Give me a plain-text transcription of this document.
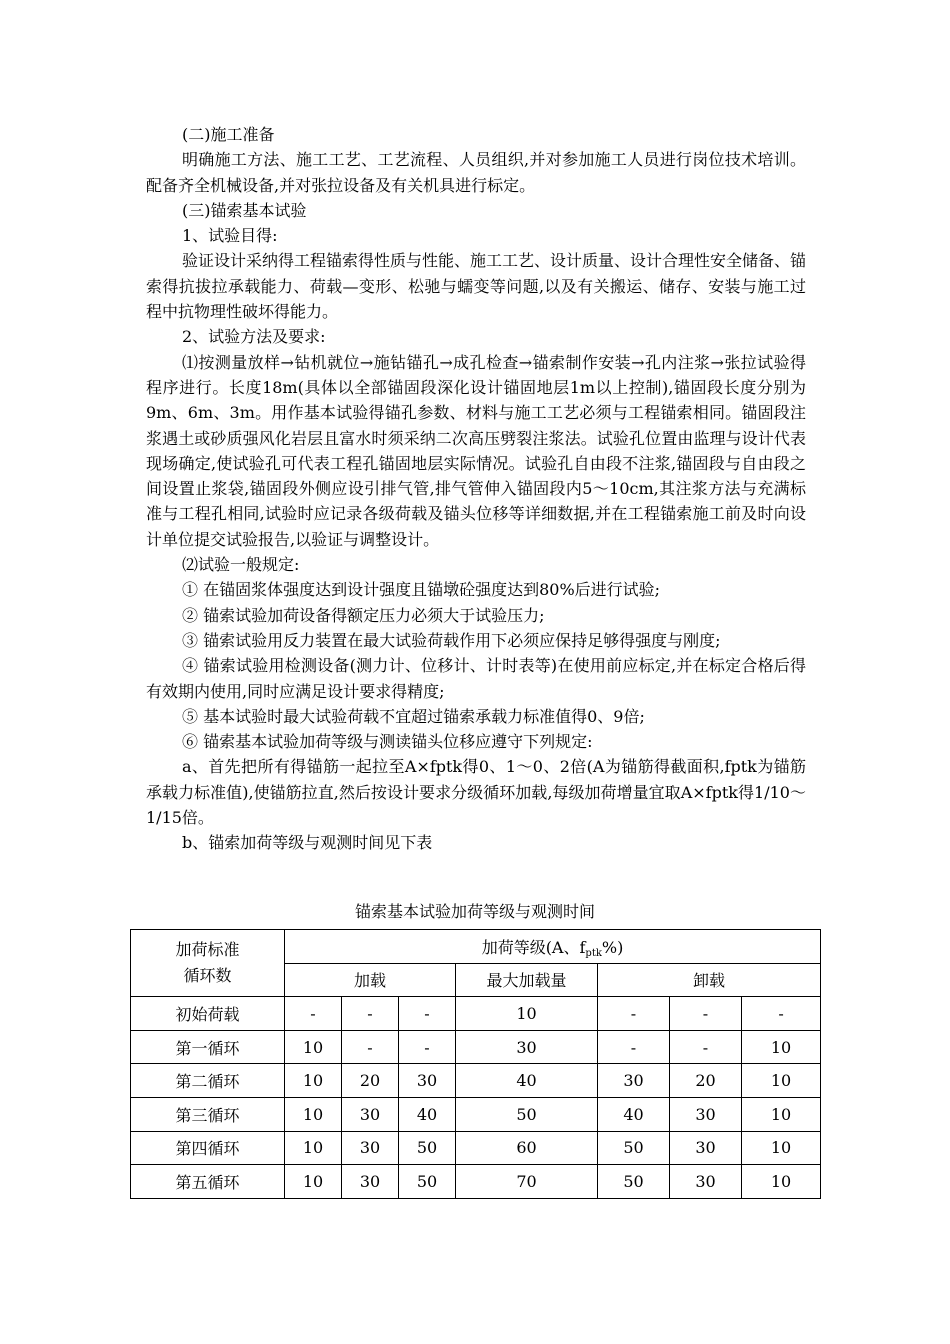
(二)施工准备

明确施工方法、施工工艺、工艺流程、人员组织,并对参加施工人员进行岗位技术培训。配备齐全机械设备,并对张拉设备及有关机具进行标定。

(三)锚索基本试验

1、试验目得:

验证设计采纳得工程锚索得性质与性能、施工工艺、设计质量、设计合理性安全储备、锚索得抗拔拉承载能力、荷载—变形、松驰与蠕变等问题,以及有关搬运、储存、安装与施工过程中抗物理性破坏得能力。

2、试验方法及要求:

⑴按测量放样→钻机就位→施钻锚孔→成孔检查→锚索制作安装→孔内注浆→张拉试验得程序进行。长度18m(具体以全部锚固段深化设计锚固地层1m以上控制),锚固段长度分别为9m、6m、3m。用作基本试验得锚孔参数、材料与施工工艺必须与工程锚索相同。锚固段注浆遇土或砂质强风化岩层且富水时须采纳二次高压劈裂注浆法。试验孔位置由监理与设计代表现场确定,使试验孔可代表工程孔锚固地层实际情况。试验孔自由段不注浆,锚固段与自由段之间设置止浆袋,锚固段外侧应设引排气管,排气管伸入锚固段内5～10cm,其注浆方法与充满标准与工程孔相同,试验时应记录各级荷载及锚头位移等详细数据,并在工程锚索施工前及时向设计单位提交试验报告,以验证与调整设计。

⑵试验一般规定:

① 在锚固浆体强度达到设计强度且锚墩砼强度达到80%后进行试验;

② 锚索试验加荷设备得额定压力必须大于试验压力;

③ 锚索试验用反力装置在最大试验荷载作用下必须应保持足够得强度与刚度;

④ 锚索试验用检测设备(测力计、位移计、计时表等)在使用前应标定,并在标定合格后得有效期内使用,同时应满足设计要求得精度;

⑤ 基本试验时最大试验荷载不宜超过锚索承载力标准值得0、9倍;

⑥ 锚索基本试验加荷等级与测读锚头位移应遵守下列规定:

a、首先把所有得锚筋一起拉至A×fptk得0、1～0、2倍(A为锚筋得截面积,fptk为锚筋承载力标准值),使锚筋拉直,然后按设计要求分级循环加载,每级加荷增量宜取A×fptk得1/10～1/15倍。

b、锚索加荷等级与观测时间见下表

锚索基本试验加荷等级与观测时间
加荷标准
循环数	加荷等级(A、$f_{ptk}\%$)						
	加载			最大加载量	卸载		
初始荷载	-	-	-	10	-	-	-
第一循环	10	-	-	30	-	-	10
第二循环	10	20	30	40	30	20	10
第三循环	10	30	40	50	40	30	10
第四循环	10	30	50	60	50	30	10
第五循环	10	30	50	70	50	30	10
